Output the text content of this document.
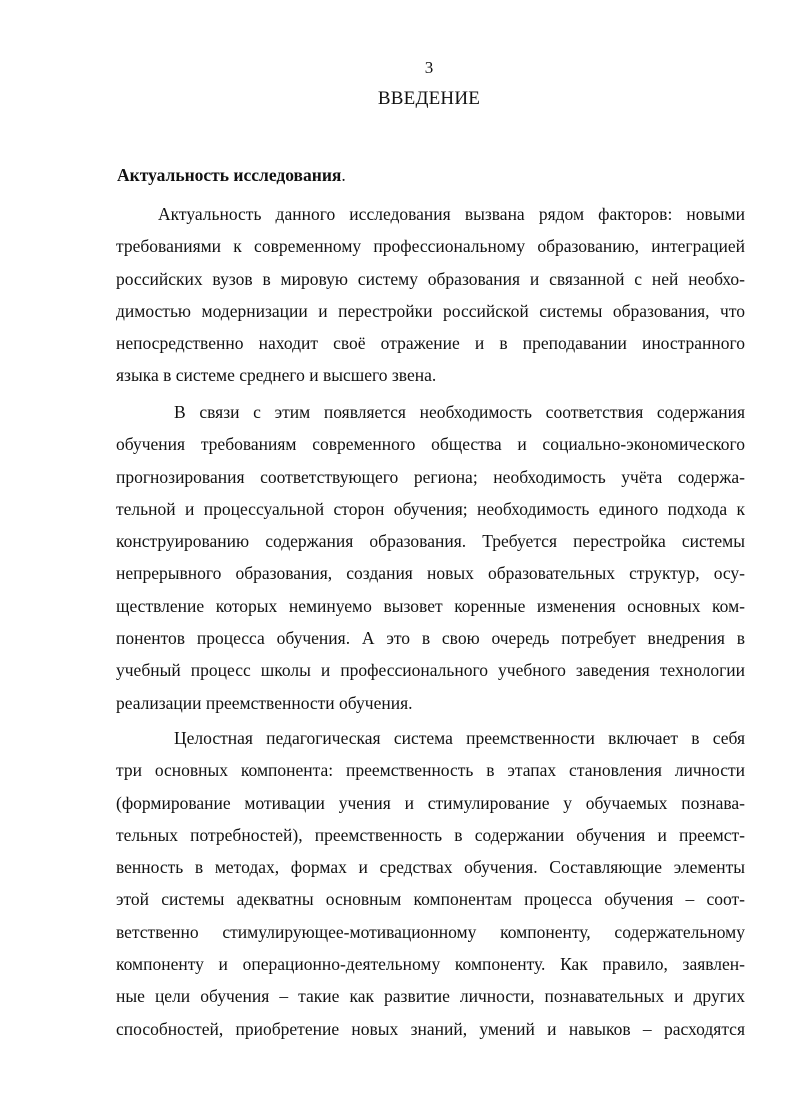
3
ВВЕДЕНИЕ
Актуальность исследования.
Актуальность данного исследования вызвана рядом факторов: новыми
требованиями к современному профессиональному образованию, интеграцией
российских вузов в мировую систему образования и связанной с ней необхо-
димостью модернизации и перестройки российской системы образования, что
непосредственно находит своё отражение и в преподавании иностранного
языка в системе среднего и высшего звена.
В связи с этим появляется необходимость соответствия содержания
обучения требованиям современного общества и социально-экономического
прогнозирования соответствующего региона; необходимость учёта содержа-
тельной и процессуальной сторон обучения; необходимость единого подхода к
конструированию содержания образования. Требуется перестройка системы
непрерывного образования, создания новых образовательных структур, осу-
ществление которых неминуемо вызовет коренные изменения основных ком-
понентов процесса обучения. А это в свою очередь потребует внедрения в
учебный процесс школы и профессионального учебного заведения технологии
реализации преемственности обучения.
Целостная педагогическая система преемственности включает в себя
три основных компонента: преемственность в этапах становления личности
(формирование мотивации учения и стимулирование у обучаемых познава-
тельных потребностей), преемственность в содержании обучения и преемст-
венность в методах, формах и средствах обучения. Составляющие элементы
этой системы адекватны основным компонентам процесса обучения – соот-
ветственно стимулирующее-мотивационному компоненту, содержательному
компоненту и операционно-деятельному компоненту. Как правило, заявлен-
ные цели обучения – такие как развитие личности, познавательных и других
способностей, приобретение новых знаний, умений и навыков – расходятся
